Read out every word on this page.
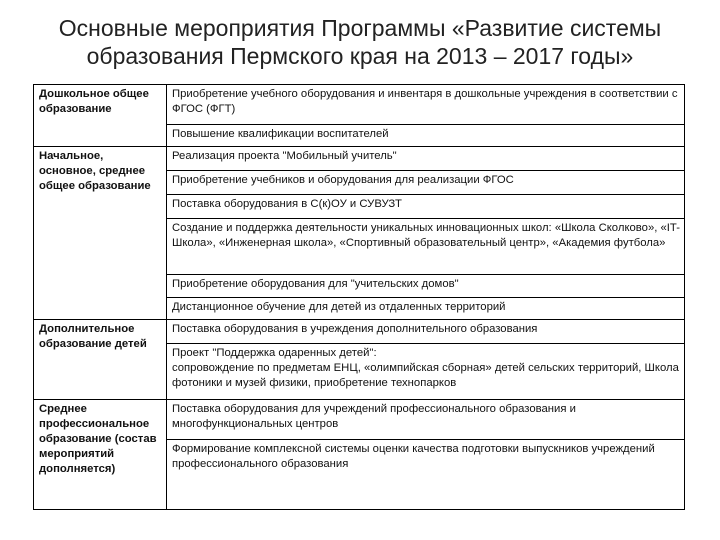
Основные мероприятия Программы «Развитие системы
образования Пермского края на 2013 – 2017 годы»
Дошкольное общее образование	Приобретение учебного оборудования и инвентаря в дошкольные учреждения в соответствии с ФГОС (ФГТ)

	Повышение квалификации воспитателей

Начальное, основное, среднее общее образование	Реализация проекта "Мобильный учитель"

	Приобретение учебников и оборудования для реализации ФГОС

	Поставка оборудования в С(к)ОУ и СУВУЗТ

	Создание и поддержка деятельности уникальных инновационных школ: «Школа Сколково», «IT-Школа», «Инженерная школа», «Спортивный образовательный центр», «Академия футбола»

	Приобретение оборудования для "учительских домов"

	Дистанционное обучение для детей из отдаленных территорий

Дополнительное образование детей	Поставка оборудования в учреждения дополнительного образования

	Проект "Поддержка одаренных детей":
сопровождение по предметам ЕНЦ, «олимпийская сборная» детей сельских территорий, Школа фотоники и музей физики, приобретение технопарков

Среднее профессиональное образование (состав мероприятий дополняется)	Поставка оборудования для учреждений профессионального образования и многофункциональных центров

	Формирование комплексной системы оценки качества подготовки выпускников учреждений профессионального образования
